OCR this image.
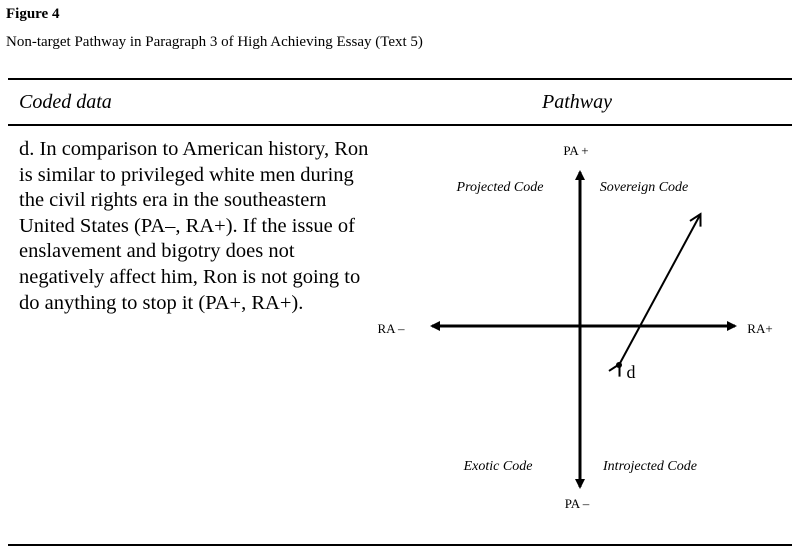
Figure 4
Non-target Pathway in Paragraph 3 of High Achieving Essay (Text 5)
Coded data	Pathway

d. In comparison to American history, Ron is similar to privileged white men during the civil rights era in the southeastern United States (PA–, RA+). If the issue of enslavement and bigotry does not negatively affect him, Ron is not going to do anything to stop it (PA+, RA+).

PA +
PA –
RA –	RA+
Projected Code	Sovereign Code
Exotic Code	Introjected Code
d
